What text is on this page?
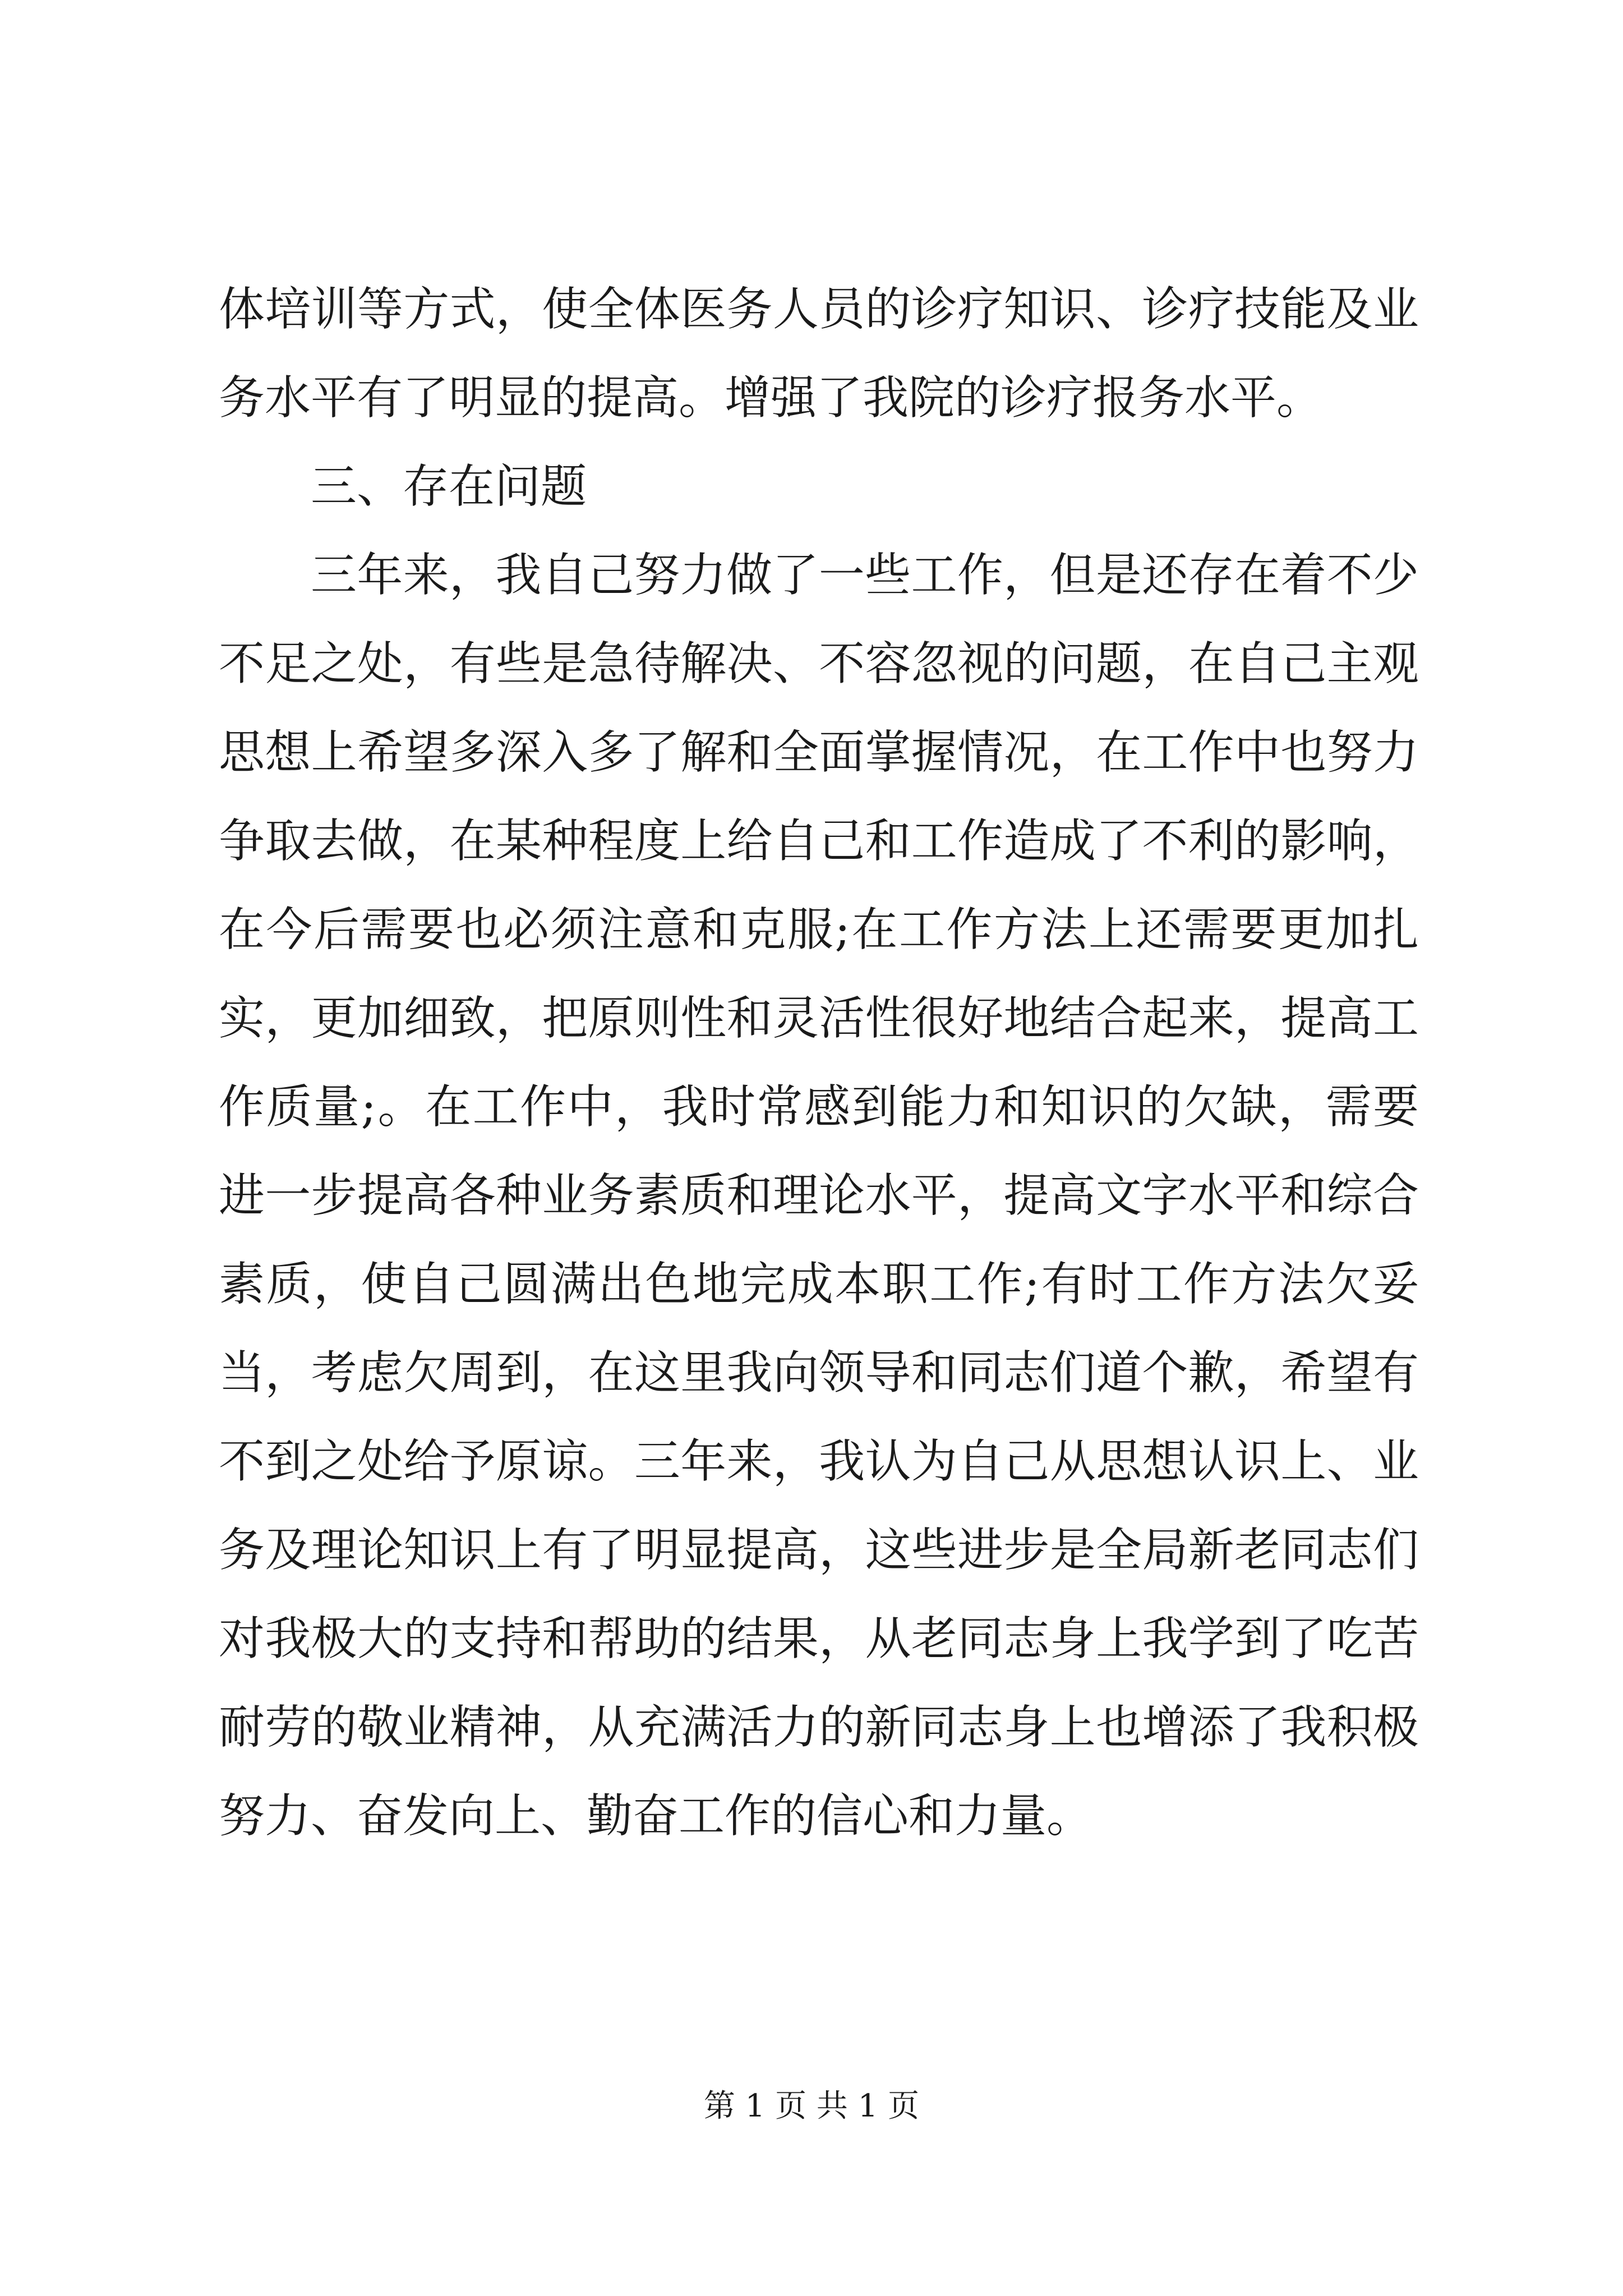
体培训等方式，使全体医务人员的诊疗知识、诊疗技能及业务水平有了明显的提高。增强了我院的诊疗报务水平。

三、存在问题

三年来，我自己努力做了一些工作，但是还存在着不少不足之处，有些是急待解决、不容忽视的问题，在自己主观思想上希望多深入多了解和全面掌握情况，在工作中也努力争取去做，在某种程度上给自己和工作造成了不利的影响，在今后需要也必须注意和克服;在工作方法上还需要更加扎实，更加细致，把原则性和灵活性很好地结合起来，提高工作质量;。在工作中，我时常感到能力和知识的欠缺，需要进一步提高各种业务素质和理论水平，提高文字水平和综合素质，使自己圆满出色地完成本职工作;有时工作方法欠妥当，考虑欠周到，在这里我向领导和同志们道个歉，希望有不到之处给予原谅。三年来，我认为自己从思想认识上、业务及理论知识上有了明显提高，这些进步是全局新老同志们对我极大的支持和帮助的结果，从老同志身上我学到了吃苦耐劳的敬业精神，从充满活力的新同志身上也增添了我积极努力、奋发向上、勤奋工作的信心和力量。

第 1 页 共 1 页
